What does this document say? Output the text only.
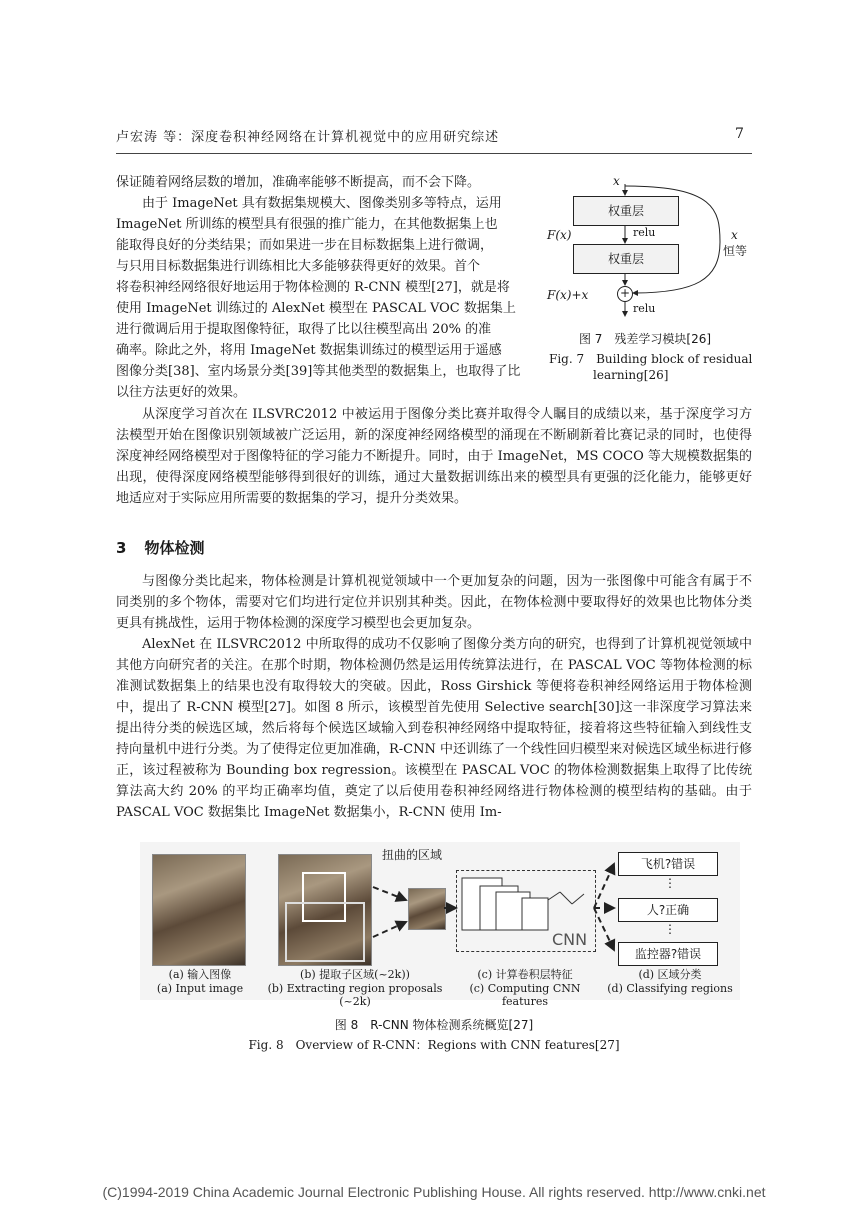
卢宏涛 等：深度卷积神经网络在计算机视觉中的应用研究综述	7
保证随着网络层数的增加，准确率能够不断提高，而不会下降。
由于 ImageNet 具有数据集规模大、图像类别多等特点，运用
ImageNet 所训练的模型具有很强的推广能力，在其他数据集上也
能取得良好的分类结果；而如果进一步在目标数据集上进行微调，
与只用目标数据集进行训练相比大多能够获得更好的效果。首个
将卷积神经网络很好地运用于物体检测的 R-CNN 模型[27]，就是将
使用 ImageNet 训练过的 AlexNet 模型在 PASCAL VOC 数据集上
进行微调后用于提取图像特征，取得了比以往模型高出 20% 的准
确率。除此之外，将用 ImageNet 数据集训练过的模型运用于遥感
图像分类[38]、室内场景分类[39]等其他类型的数据集上，也取得了比
以往方法更好的效果。
x
权重层
F(x)	relu
权重层
F(x)+x	+
relu
x
恒等
图 7　残差学习模块[26]
Fig. 7　Building block of residual
learning[26]

从深度学习首次在 ILSVRC2012 中被运用于图像分类比赛并取得令人瞩目的成绩以来，基于深度学习方法模型开始在图像识别领域被广泛运用，新的深度神经网络模型的涌现在不断刷新着比赛记录的同时，也使得深度神经网络模型对于图像特征的学习能力不断提升。同时，由于 ImageNet，MS COCO 等大规模数据集的出现，使得深度网络模型能够得到很好的训练，通过大量数据训练出来的模型具有更强的泛化能力，能够更好地适应对于实际应用所需要的数据集的学习，提升分类效果。

3 物体检测

与图像分类比起来，物体检测是计算机视觉领域中一个更加复杂的问题，因为一张图像中可能含有属于不同类别的多个物体，需要对它们均进行定位并识别其种类。因此，在物体检测中要取得好的效果也比物体分类更具有挑战性，运用于物体检测的深度学习模型也会更加复杂。

AlexNet 在 ILSVRC2012 中所取得的成功不仅影响了图像分类方向的研究，也得到了计算机视觉领域中其他方向研究者的关注。在那个时期，物体检测仍然是运用传统算法进行，在 PASCAL VOC 等物体检测的标准测试数据集上的结果也没有取得较大的突破。因此，Ross Girshick 等便将卷积神经网络运用于物体检测中，提出了 R-CNN 模型[27]。如图 8 所示，该模型首先使用 Selective search[30]这一非深度学习算法来提出待分类的候选区域，然后将每个候选区域输入到卷积神经网络中提取特征，接着将这些特征输入到线性支持向量机中进行分类。为了使得定位更加准确，R-CNN 中还训练了一个线性回归模型来对候选区域坐标进行修正，该过程被称为 Bounding box regression。该模型在 PASCAL VOC 的物体检测数据集上取得了比传统算法高大约 20% 的平均正确率均值，奠定了以后使用卷积神经网络进行物体检测的模型结构的基础。由于 PASCAL VOC 数据集比 ImageNet 数据集小，R-CNN 使用 Im-

扭曲的区域
CNN
飞机?错误
⋮
人?正确
⋮
监控器?错误
(a) 输入图像	(b) 提取子区域(~2k))	(c) 计算卷积层特征	(d) 区域分类
(a) Input image	(b) Extracting region proposals (~2k)
(c) Computing CNN features
(d) Classifying regions
图 8　R-CNN 物体检测系统概览[27]
Fig. 8　Overview of R-CNN：Regions with CNN features[27]
(C)1994-2019 China Academic Journal Electronic Publishing House. All rights reserved. http://www.cnki.net
